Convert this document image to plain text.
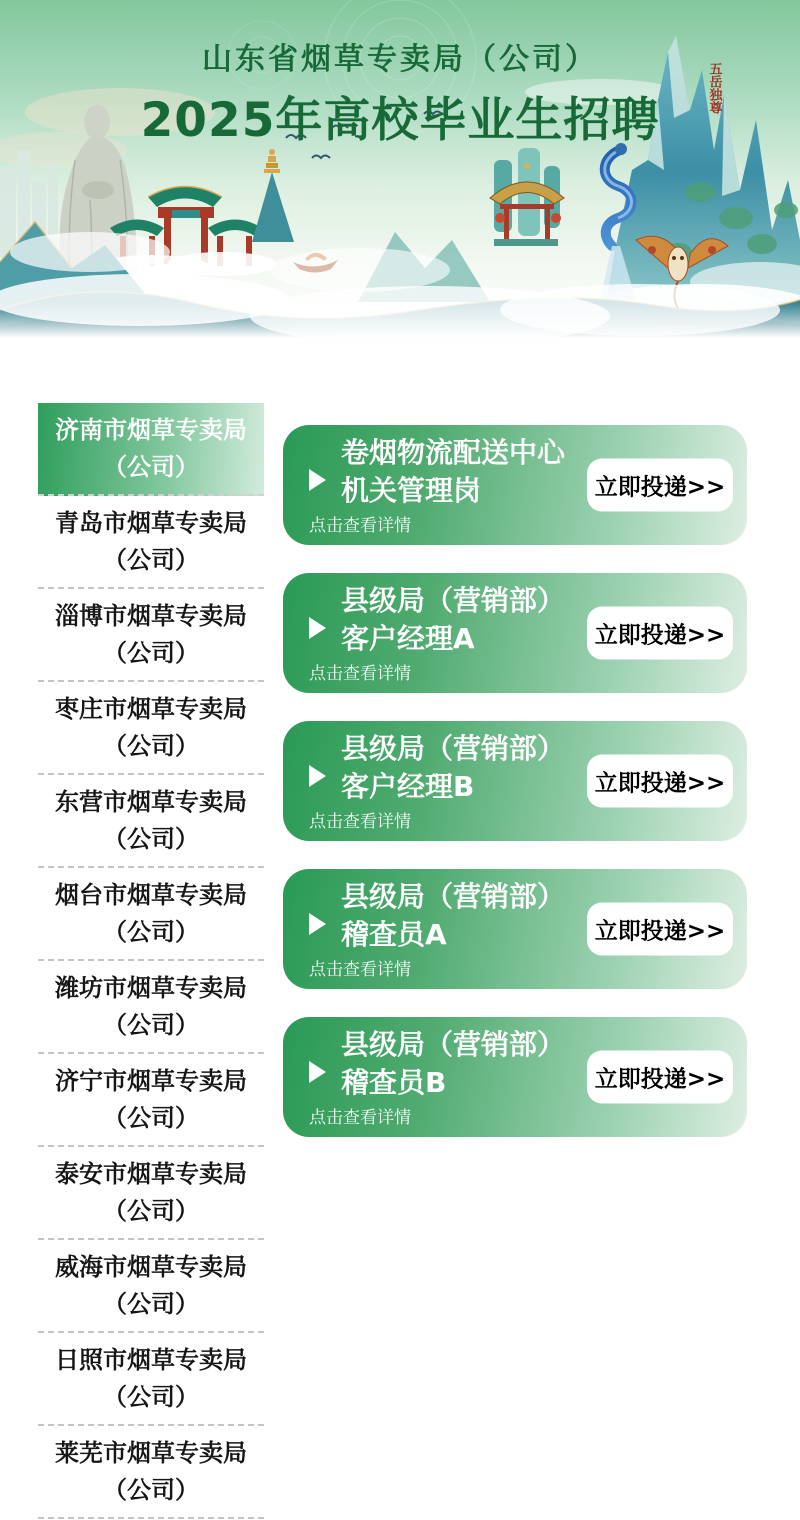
五岳独尊
山东省烟草专卖局（公司）
2025年高校毕业生招聘
济南市烟草专卖局
（公司）
青岛市烟草专卖局
（公司）
淄博市烟草专卖局
（公司）
枣庄市烟草专卖局
（公司）
东营市烟草专卖局
（公司）
烟台市烟草专卖局
（公司）
潍坊市烟草专卖局
（公司）
济宁市烟草专卖局
（公司）
泰安市烟草专卖局
（公司）
威海市烟草专卖局
（公司）
日照市烟草专卖局
（公司）
莱芜市烟草专卖局
（公司）
卷烟物流配送中心
机关管理岗
点击查看详情
立即投递>>
县级局（营销部）
客户经理A
点击查看详情
立即投递>>
县级局（营销部）
客户经理B
点击查看详情
立即投递>>
县级局（营销部）
稽查员A
点击查看详情
立即投递>>
县级局（营销部）
稽查员B
点击查看详情
立即投递>>
